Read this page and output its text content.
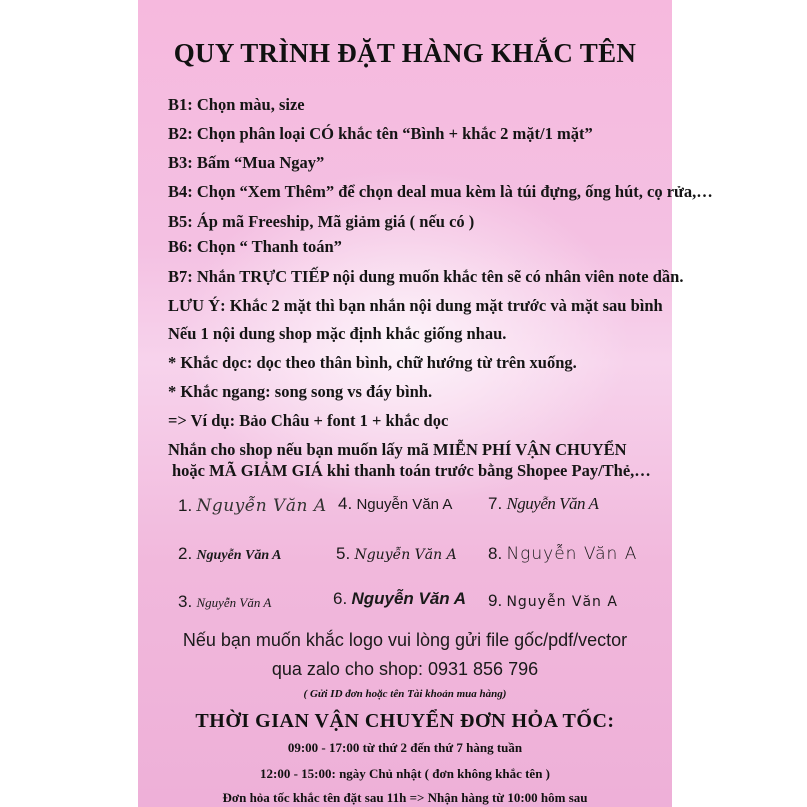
QUY TRÌNH ĐẶT HÀNG KHẮC TÊN
B1: Chọn màu, size
B2: Chọn phân loại CÓ khắc tên “Bình + khắc 2 mặt/1 mặt”
B3: Bấm “Mua Ngay”
B4: Chọn “Xem Thêm” để chọn deal mua kèm là túi đựng, ống hút, cọ rửa,…
B5: Áp mã Freeship, Mã giảm giá ( nếu có )
B6: Chọn “ Thanh toán”
B7: Nhắn TRỰC TIẾP nội dung muốn khắc tên sẽ có nhân viên note dần.
LƯU Ý: Khắc 2 mặt thì bạn nhắn nội dung mặt trước và mặt sau bình
Nếu 1 nội dung shop mặc định khắc giống nhau.
* Khắc dọc: dọc theo thân bình, chữ hướng từ trên xuống.
* Khắc ngang: song song vs đáy bình.
=> Ví dụ: Bảo Châu + font 1 + khắc dọc
Nhắn cho shop nếu bạn muốn lấy mã MIỄN PHÍ VẬN CHUYỂN
hoặc MÃ GIẢM GIÁ khi thanh toán trước bằng Shopee Pay/Thẻ,…
1. Nguyễn Văn A 4. Nguyễn Văn A 7. Nguyễn Văn A
2. Nguyễn Văn A	5. Nguyễn Văn A 8. Nguyễn Văn A
3. Nguyễn Văn A	6. Nguyễn Văn A 9. Nguyễn Văn A
Nếu bạn muốn khắc logo vui lòng gửi file gốc/pdf/vector
qua zalo cho shop: 0931 856 796
( Gửi ID đơn hoặc tên Tài khoản mua hàng)
THỜI GIAN VẬN CHUYỂN ĐƠN HỎA TỐC:
09:00 - 17:00 từ thứ 2 đến thứ 7 hàng tuần
12:00 - 15:00: ngày Chủ nhật ( đơn không khắc tên )
Đơn hỏa tốc khắc tên đặt sau 11h => Nhận hàng từ 10:00 hôm sau
